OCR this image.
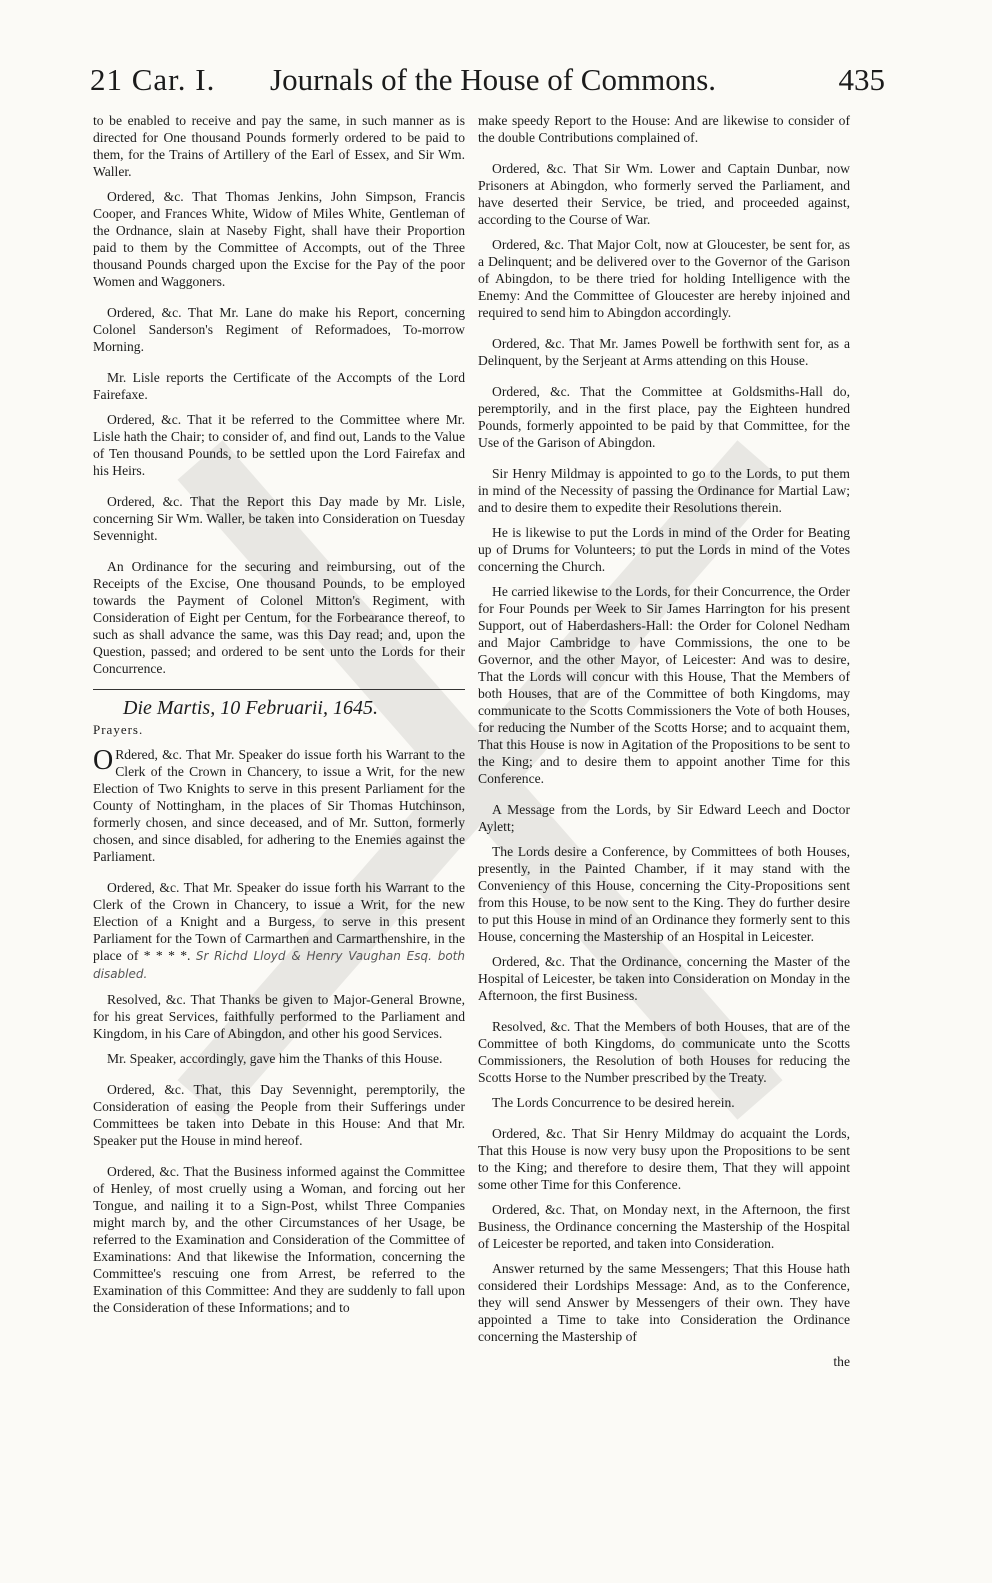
21 Car. I. Journals of the House of Commons.	435

to be enabled to receive and pay the same, in such manner as is directed for One thousand Pounds formerly ordered to be paid to them, for the Trains of Artillery of the Earl of Essex, and Sir Wm. Waller.

Ordered, &c. That Thomas Jenkins, John Simpson, Francis Cooper, and Frances White, Widow of Miles White, Gentleman of the Ordnance, slain at Naseby Fight, shall have their Proportion paid to them by the Committee of Accompts, out of the Three thousand Pounds charged upon the Excise for the Pay of the poor Women and Waggoners.

Ordered, &c. That Mr. Lane do make his Report, concerning Colonel Sanderson's Regiment of Reformadoes, To-morrow Morning.

Mr. Lisle reports the Certificate of the Accompts of the Lord Fairefaxe.

Ordered, &c. That it be referred to the Committee where Mr. Lisle hath the Chair; to consider of, and find out, Lands to the Value of Ten thousand Pounds, to be settled upon the Lord Fairefax and his Heirs.

Ordered, &c. That the Report this Day made by Mr. Lisle, concerning Sir Wm. Waller, be taken into Consideration on Tuesday Sevennight.

An Ordinance for the securing and reimbursing, out of the Receipts of the Excise, One thousand Pounds, to be employed towards the Payment of Colonel Mitton's Regiment, with Consideration of Eight per Centum, for the Forbearance thereof, to such as shall advance the same, was this Day read; and, upon the Question, passed; and ordered to be sent unto the Lords for their Concurrence.

Die Martis, 10 Februarii, 1645.

Prayers.

O Rdered, &c. That Mr. Speaker do issue forth his Warrant to the Clerk of the Crown in Chancery, to issue a Writ, for the new Election of Two Knights to serve in this present Parliament for the County of Nottingham, in the places of Sir Thomas Hutchinson, formerly chosen, and since deceased, and of Mr. Sutton, formerly chosen, and since disabled, for adhering to the Enemies against the Parliament.

Ordered, &c. That Mr. Speaker do issue forth his Warrant to the Clerk of the Crown in Chancery, to issue a Writ, for the new Election of a Knight and a Burgess, to serve in this present Parliament for the Town of Carmarthen and Carmarthenshire, in the place of * * * *. Sr Richd Lloyd & Henry Vaughan Esq. both disabled.

Resolved, &c. That Thanks be given to Major-General Browne, for his great Services, faithfully performed to the Parliament and Kingdom, in his Care of Abingdon, and other his good Services.

Mr. Speaker, accordingly, gave him the Thanks of this House.

Ordered, &c. That, this Day Sevennight, peremptorily, the Consideration of easing the People from their Sufferings under Committees be taken into Debate in this House: And that Mr. Speaker put the House in mind hereof.

Ordered, &c. That the Business informed against the Committee of Henley, of most cruelly using a Woman, and forcing out her Tongue, and nailing it to a Sign-Post, whilst Three Companies might march by, and the other Circumstances of her Usage, be referred to the Examination and Consideration of the Committee of Examinations: And that likewise the Information, concerning the Committee's rescuing one from Arrest, be referred to the Examination of this Committee: And they are suddenly to fall upon the Consideration of these Informations; and to

make speedy Report to the House: And are likewise to consider of the double Contributions complained of.

Ordered, &c. That Sir Wm. Lower and Captain Dunbar, now Prisoners at Abingdon, who formerly served the Parliament, and have deserted their Service, be tried, and proceeded against, according to the Course of War.

Ordered, &c. That Major Colt, now at Gloucester, be sent for, as a Delinquent; and be delivered over to the Governor of the Garison of Abingdon, to be there tried for holding Intelligence with the Enemy: And the Committee of Gloucester are hereby injoined and required to send him to Abingdon accordingly.

Ordered, &c. That Mr. James Powell be forthwith sent for, as a Delinquent, by the Serjeant at Arms attending on this House.

Ordered, &c. That the Committee at Goldsmiths-Hall do, peremptorily, and in the first place, pay the Eighteen hundred Pounds, formerly appointed to be paid by that Committee, for the Use of the Garison of Abingdon.

Sir Henry Mildmay is appointed to go to the Lords, to put them in mind of the Necessity of passing the Ordinance for Martial Law; and to desire them to expedite their Resolutions therein.

He is likewise to put the Lords in mind of the Order for Beating up of Drums for Volunteers; to put the Lords in mind of the Votes concerning the Church.

He carried likewise to the Lords, for their Concurrence, the Order for Four Pounds per Week to Sir James Harrington for his present Support, out of Haberdashers-Hall: the Order for Colonel Nedham and Major Cambridge to have Commissions, the one to be Governor, and the other Mayor, of Leicester: And was to desire, That the Lords will concur with this House, That the Members of both Houses, that are of the Committee of both Kingdoms, may communicate to the Scotts Commissioners the Vote of both Houses, for reducing the Number of the Scotts Horse; and to acquaint them, That this House is now in Agitation of the Propositions to be sent to the King; and to desire them to appoint another Time for this Conference.

A Message from the Lords, by Sir Edward Leech and Doctor Aylett;

The Lords desire a Conference, by Committees of both Houses, presently, in the Painted Chamber, if it may stand with the Conveniency of this House, concerning the City-Propositions sent from this House, to be now sent to the King. They do further desire to put this House in mind of an Ordinance they formerly sent to this House, concerning the Mastership of an Hospital in Leicester.

Ordered, &c. That the Ordinance, concerning the Master of the Hospital of Leicester, be taken into Consideration on Monday in the Afternoon, the first Business.

Resolved, &c. That the Members of both Houses, that are of the Committee of both Kingdoms, do communicate unto the Scotts Commissioners, the Resolution of both Houses for reducing the Scotts Horse to the Number prescribed by the Treaty.

The Lords Concurrence to be desired herein.

Ordered, &c. That Sir Henry Mildmay do acquaint the Lords, That this House is now very busy upon the Propositions to be sent to the King; and therefore to desire them, That they will appoint some other Time for this Conference.

Ordered, &c. That, on Monday next, in the Afternoon, the first Business, the Ordinance concerning the Mastership of the Hospital of Leicester be reported, and taken into Consideration.

Answer returned by the same Messengers; That this House hath considered their Lordships Message: And, as to the Conference, they will send Answer by Messengers of their own. They have appointed a Time to take into Consideration the Ordinance concerning the Mastership of

the
